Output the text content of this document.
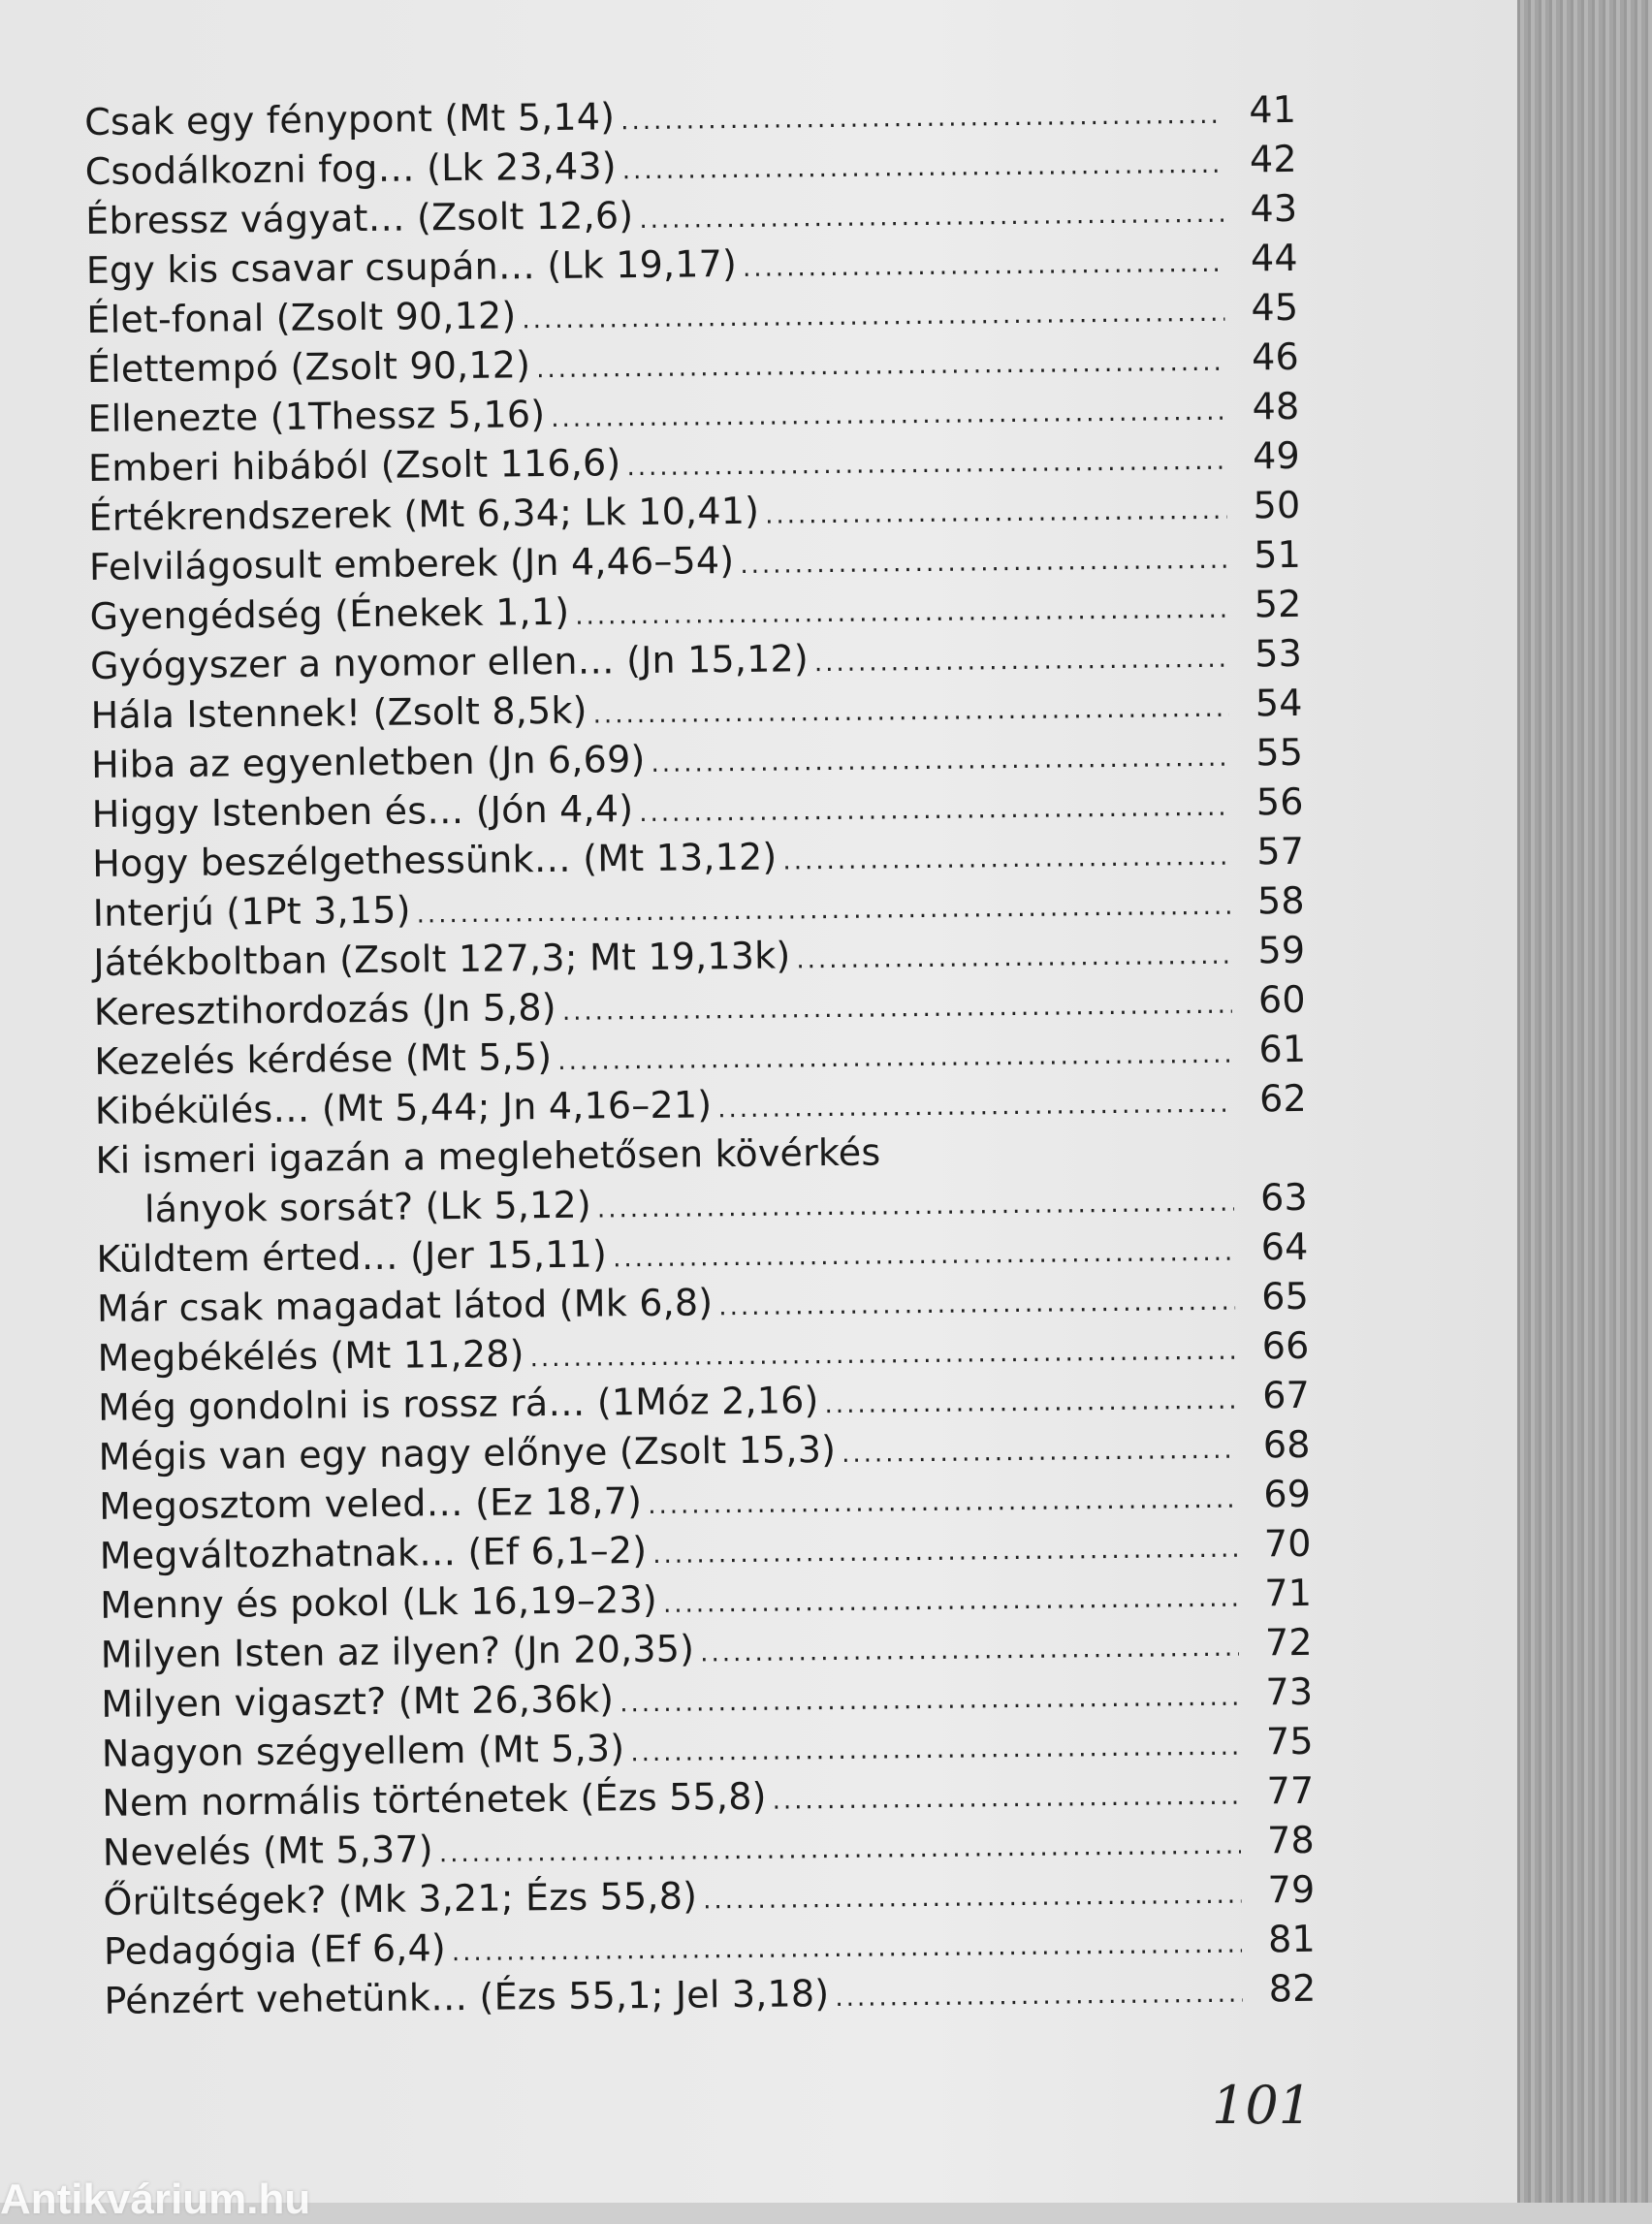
Csak egy fénypont (Mt 5,14) .....	41
Csodálkozni fog… (Lk 23,43) .....	42
Ébressz vágyat… (Zsolt 12,6) .....	43
Egy kis csavar csupán… (Lk 19,17) .....	44
Élet-fonal (Zsolt 90,12) .....	45
Élettempó (Zsolt 90,12) .....	46
Ellenezte (1Thessz 5,16) .....	48
Emberi hibából (Zsolt 116,6) .....	49
Értékrendszerek (Mt 6,34; Lk 10,41) .....	50
Felvilágosult emberek (Jn 4,46–54) .....	51
Gyengédség (Énekek 1,1) .....	52
Gyógyszer a nyomor ellen… (Jn 15,12) .....	53
Hála Istennek! (Zsolt 8,5k) .....	54
Hiba az egyenletben (Jn 6,69) .....	55
Higgy Istenben és… (Jón 4,4) .....	56
Hogy beszélgethessünk… (Mt 13,12) .....	57
Interjú (1Pt 3,15) .....	58
Játékboltban (Zsolt 127,3; Mt 19,13k) .....	59
Keresztihordozás (Jn 5,8) .....	60
Kezelés kérdése (Mt 5,5) .....	61
Kibékülés… (Mt 5,44; Jn 4,16–21) .....	62
Ki ismeri igazán a meglehetősen kövérkés
lányok sorsát? (Lk 5,12) .....	63
Küldtem érted… (Jer 15,11) .....	64
Már csak magadat látod (Mk 6,8) .....	65
Megbékélés (Mt 11,28) .....	66
Még gondolni is rossz rá… (1Móz 2,16) .....	67
Mégis van egy nagy előnye (Zsolt 15,3) .....	68
Megosztom veled… (Ez 18,7) .....	69
Megváltozhatnak… (Ef 6,1–2) .....	70
Menny és pokol (Lk 16,19–23) .....	71
Milyen Isten az ilyen? (Jn 20,35) .....	72
Milyen vigaszt? (Mt 26,36k) .....	73
Nagyon szégyellem (Mt 5,3) .....	75
Nem normális történetek (Ézs 55,8) .....	77
Nevelés (Mt 5,37) .....	78
Őrültségek? (Mk 3,21; Ézs 55,8) .....	79
Pedagógia (Ef 6,4) .....	81
Pénzért vehetünk… (Ézs 55,1; Jel 3,18) .....	82
101
Antikvárium.hu
